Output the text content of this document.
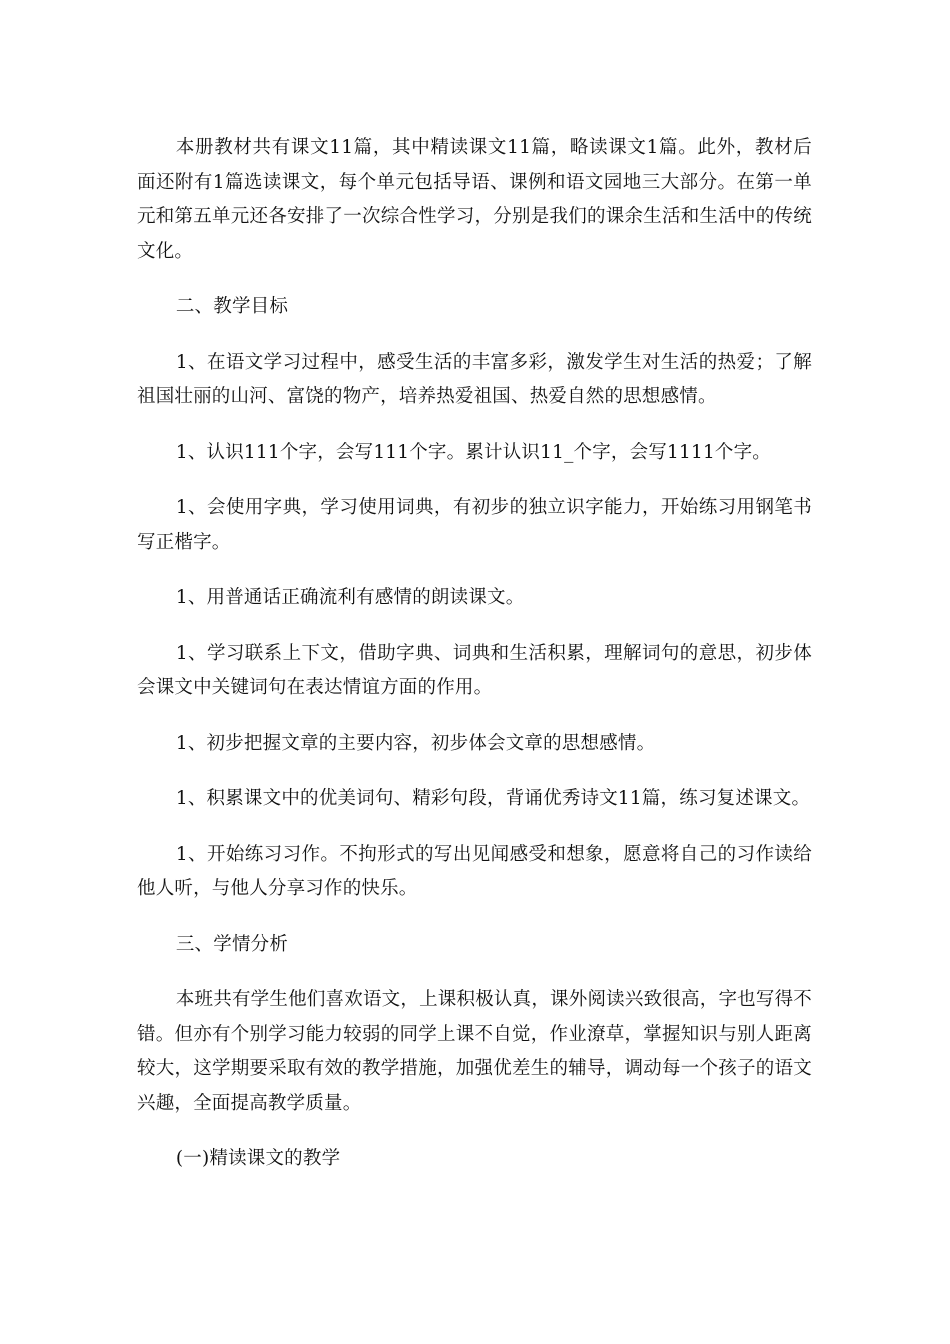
本册教材共有课文11篇，其中精读课文11篇，略读课文1篇。此外，教材后面还附有1篇选读课文，每个单元包括导语、课例和语文园地三大部分。在第一单元和第五单元还各安排了一次综合性学习，分别是我们的课余生活和生活中的传统文化。

二、教学目标

1、在语文学习过程中，感受生活的丰富多彩，激发学生对生活的热爱；了解祖国壮丽的山河、富饶的物产，培养热爱祖国、热爱自然的思想感情。

1、认识111个字，会写111个字。累计认识11_个字，会写1111个字。

1、会使用字典，学习使用词典，有初步的独立识字能力，开始练习用钢笔书写正楷字。

1、用普通话正确流利有感情的朗读课文。

1、学习联系上下文，借助字典、词典和生活积累，理解词句的意思，初步体会课文中关键词句在表达情谊方面的作用。

1、初步把握文章的主要内容，初步体会文章的思想感情。

1、积累课文中的优美词句、精彩句段，背诵优秀诗文11篇，练习复述课文。

1、开始练习习作。不拘形式的写出见闻感受和想象，愿意将自己的习作读给他人听，与他人分享习作的快乐。

三、学情分析

本班共有学生他们喜欢语文，上课积极认真，课外阅读兴致很高，字也写得不错。但亦有个别学习能力较弱的同学上课不自觉，作业潦草，掌握知识与别人距离较大，这学期要采取有效的教学措施，加强优差生的辅导，调动每一个孩子的语文兴趣，全面提高教学质量。

(一)精读课文的教学
